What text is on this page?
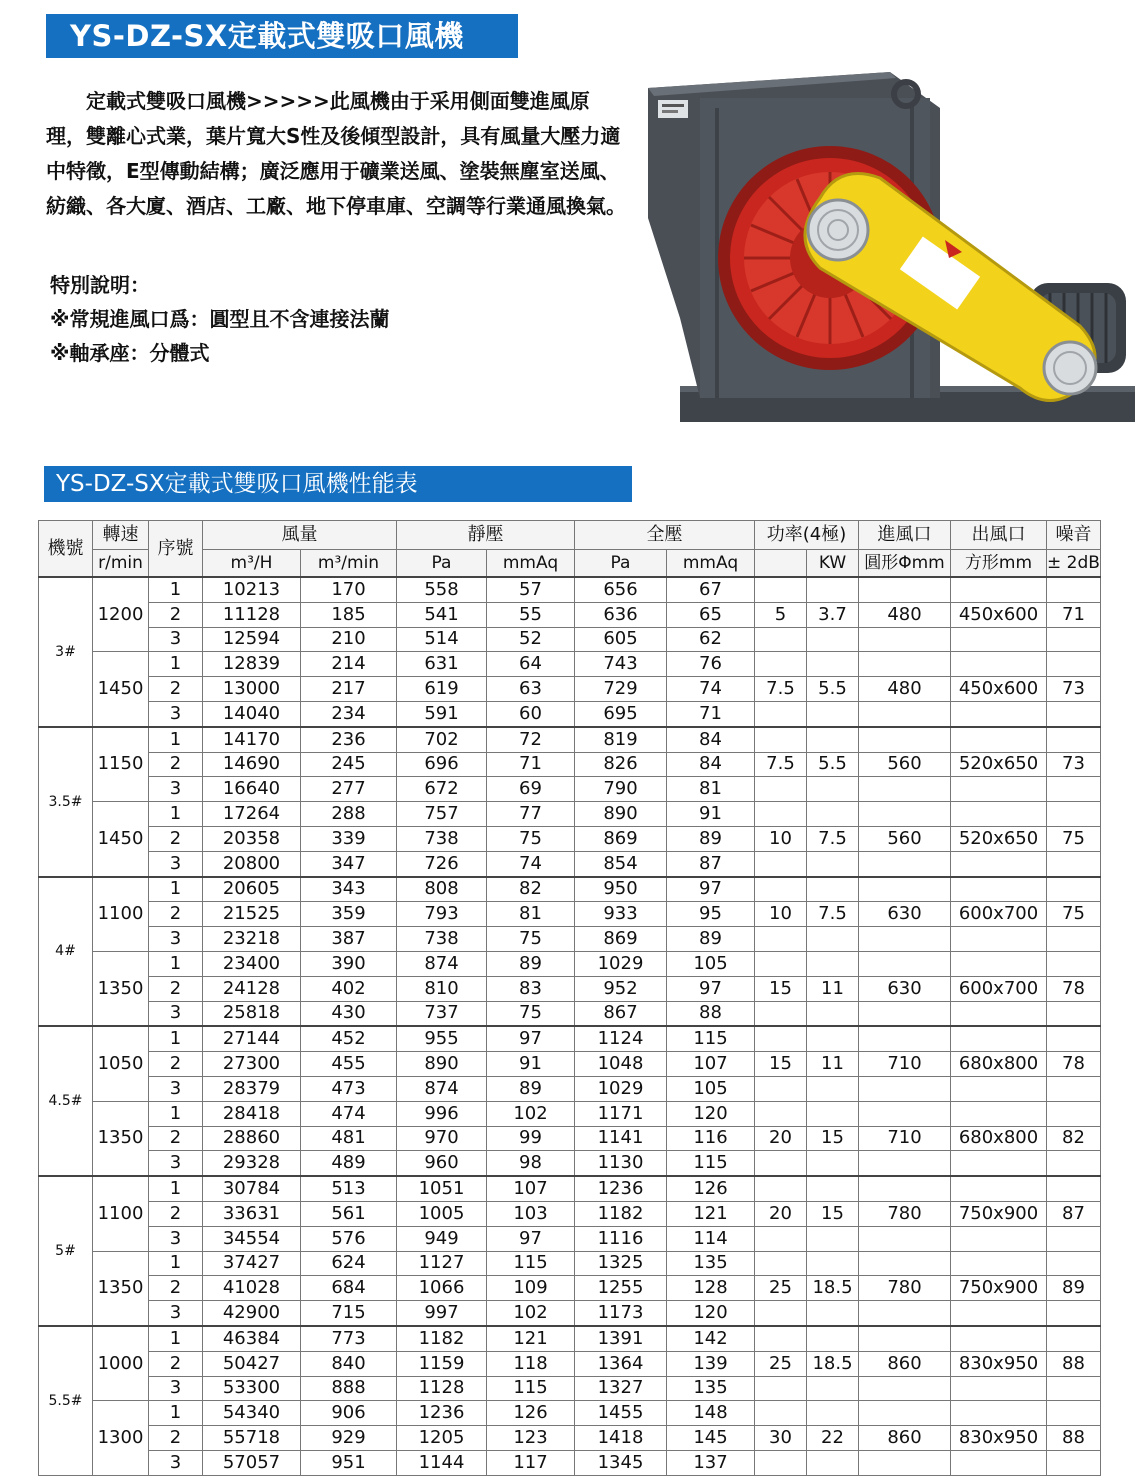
YS-DZ-SX定載式雙吸口風機

　　定載式雙吸口風機>>>>>此風機由于采用側面雙進風原理，雙離心式業，葉片寬大S性及後傾型設計，具有風量大壓力適中特徵，E型傳動結構；廣泛應用于礦業送風、塗裝無塵室送風、紡織、各大廈、酒店、工廠、地下停車庫、空調等行業通風換氣。

特別說明：
※常規進風口爲：圓型且不含連接法蘭
※軸承座：分體式
YS-DZ-SX定載式雙吸口風機性能表
機號	轉速	序號	風量		靜壓		全壓		功率(4極)		進風口	出風口	噪音
	r/min		m³/H	m³/min	Pa	mmAq	Pa	mmAq		KW	圓形Φmm	方形mm	± 2dB
3#	1200	1	10213	170	558	57	656	67					
		2	11128	185	541	55	636	65	5	3.7	480	450x600	71
		3	12594	210	514	52	605	62					
	1450	1	12839	214	631	64	743	76					
		2	13000	217	619	63	729	74	7.5	5.5	480	450x600	73
		3	14040	234	591	60	695	71					
3.5#	1150	1	14170	236	702	72	819	84					
		2	14690	245	696	71	826	84	7.5	5.5	560	520x650	73
		3	16640	277	672	69	790	81					
	1450	1	17264	288	757	77	890	91					
		2	20358	339	738	75	869	89	10	7.5	560	520x650	75
		3	20800	347	726	74	854	87					
4#	1100	1	20605	343	808	82	950	97					
		2	21525	359	793	81	933	95	10	7.5	630	600x700	75
		3	23218	387	738	75	869	89					
	1350	1	23400	390	874	89	1029	105					
		2	24128	402	810	83	952	97	15	11	630	600x700	78
		3	25818	430	737	75	867	88					
4.5#	1050	1	27144	452	955	97	1124	115					
		2	27300	455	890	91	1048	107	15	11	710	680x800	78
		3	28379	473	874	89	1029	105					
	1350	1	28418	474	996	102	1171	120					
		2	28860	481	970	99	1141	116	20	15	710	680x800	82
		3	29328	489	960	98	1130	115					
5#	1100	1	30784	513	1051	107	1236	126					
		2	33631	561	1005	103	1182	121	20	15	780	750x900	87
		3	34554	576	949	97	1116	114					
	1350	1	37427	624	1127	115	1325	135					
		2	41028	684	1066	109	1255	128	25	18.5	780	750x900	89
		3	42900	715	997	102	1173	120					
5.5#	1000	1	46384	773	1182	121	1391	142					
		2	50427	840	1159	118	1364	139	25	18.5	860	830x950	88
		3	53300	888	1128	115	1327	135					
	1300	1	54340	906	1236	126	1455	148					
		2	55718	929	1205	123	1418	145	30	22	860	830x950	88
		3	57057	951	1144	117	1345	137					
